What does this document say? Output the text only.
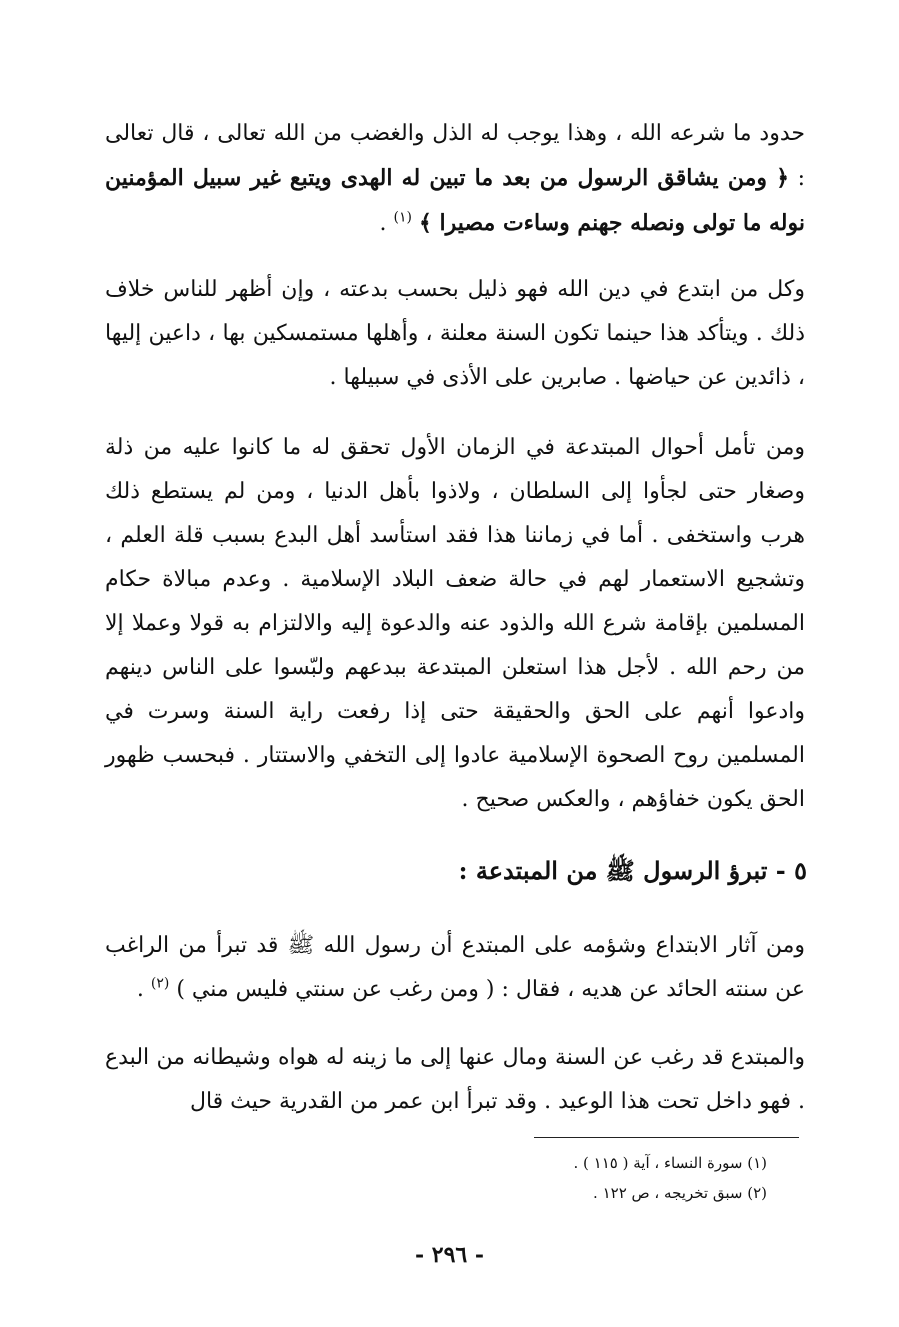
حدود ما شرعه الله ، وهذا يوجب له الذل والغضب من الله تعالى ، قال تعالى : ﴿ ومن يشاقق الرسول من بعد ما تبين له الهدى ويتبع غير سبيل المؤمنين نوله ما تولى ونصله جهنم وساءت مصيرا ﴾ $^{(١)}$ .

وكل من ابتدع في دين الله فهو ذليل بحسب بدعته ، وإن أظهر للناس خلاف ذلك . ويتأكد هذا حينما تكون السنة معلنة ، وأهلها مستمسكين بها ، داعين إليها ، ذائدين عن حياضها . صابرين على الأذى في سبيلها .

ومن تأمل أحوال المبتدعة في الزمان الأول تحقق له ما كانوا عليه من ذلة وصغار حتى لجأوا إلى السلطان ، ولاذوا بأهل الدنيا ، ومن لم يستطع ذلك هرب واستخفى . أما في زماننا هذا فقد استأسد أهل البدع بسبب قلة العلم ، وتشجيع الاستعمار لهم في حالة ضعف البلاد الإسلامية . وعدم مبالاة حكام المسلمين بإقامة شرع الله والذود عنه والدعوة إليه والالتزام به قولا وعملا إلا من رحم الله . لأجل هذا استعلن المبتدعة ببدعهم ولبّسوا على الناس دينهم وادعوا أنهم على الحق والحقيقة حتى إذا رفعت راية السنة وسرت في المسلمين روح الصحوة الإسلامية عادوا إلى التخفي والاستتار . فبحسب ظهور الحق يكون خفاؤهم ، والعكس صحيح .

٥ - تبرؤ الرسول ﷺ من المبتدعة :

ومن آثار الابتداع وشؤمه على المبتدع أن رسول الله ﷺ قد تبرأ من الراغب عن سنته الحائد عن هديه ، فقال : ( ومن رغب عن سنتي فليس مني ) $^{(٢)}$ .

والمبتدع قد رغب عن السنة ومال عنها إلى ما زينه له هواه وشيطانه من البدع . فهو داخل تحت هذا الوعيد . وقد تبرأ ابن عمر من القدرية حيث قال

(١) سورة النساء ، آية ( ١١٥ ) .

(٢) سبق تخريجه ، ص ١٢٢ .

- ٢٩٦ -
